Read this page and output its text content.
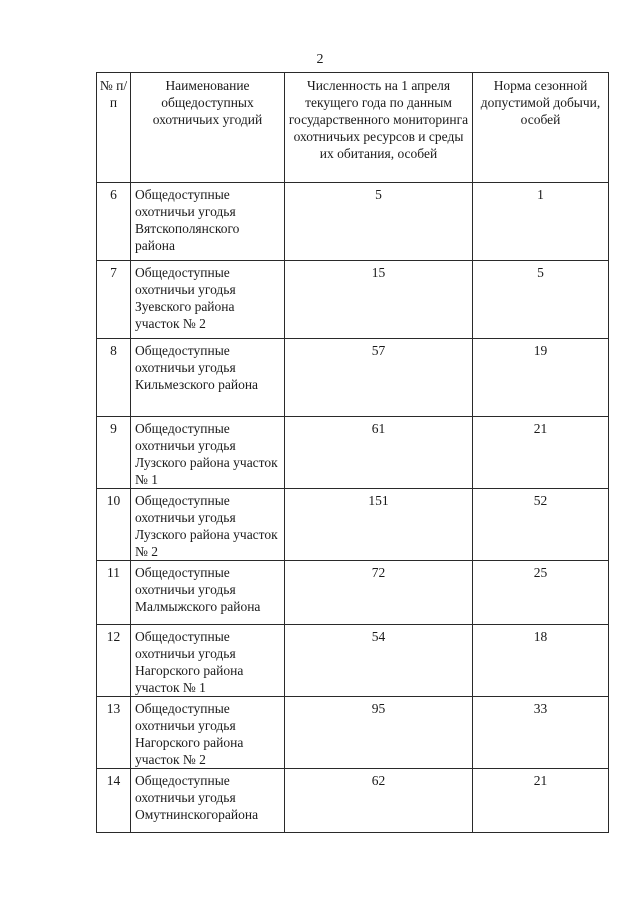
2
№ п/п	Наименование общедоступных охотничьих угодий	Численность на 1 апреля текущего года по данным государственного мониторинга охотничьих ресурсов и среды их обитания, особей	Норма сезонной допустимой добычи, особей
6	Общедоступные охотничьи угодья Вятскополянского района	5	1
7	Общедоступные охотничьи угодья Зуевского района участок № 2	15	5
8	Общедоступные охотничьи угодья Кильмезского района	57	19
9	Общедоступные охотничьи угодья Лузского района участок № 1	61	21
10	Общедоступные охотничьи угодья Лузского района участок № 2	151	52
11	Общедоступные охотничьи угодья Малмыжского района	72	25
12	Общедоступные охотничьи угодья Нагорского района участок № 1	54	18
13	Общедоступные охотничьи угодья Нагорского района участок № 2	95	33
14	Общедоступные охотничьи угодья Омутнинскогорайона	62	21
